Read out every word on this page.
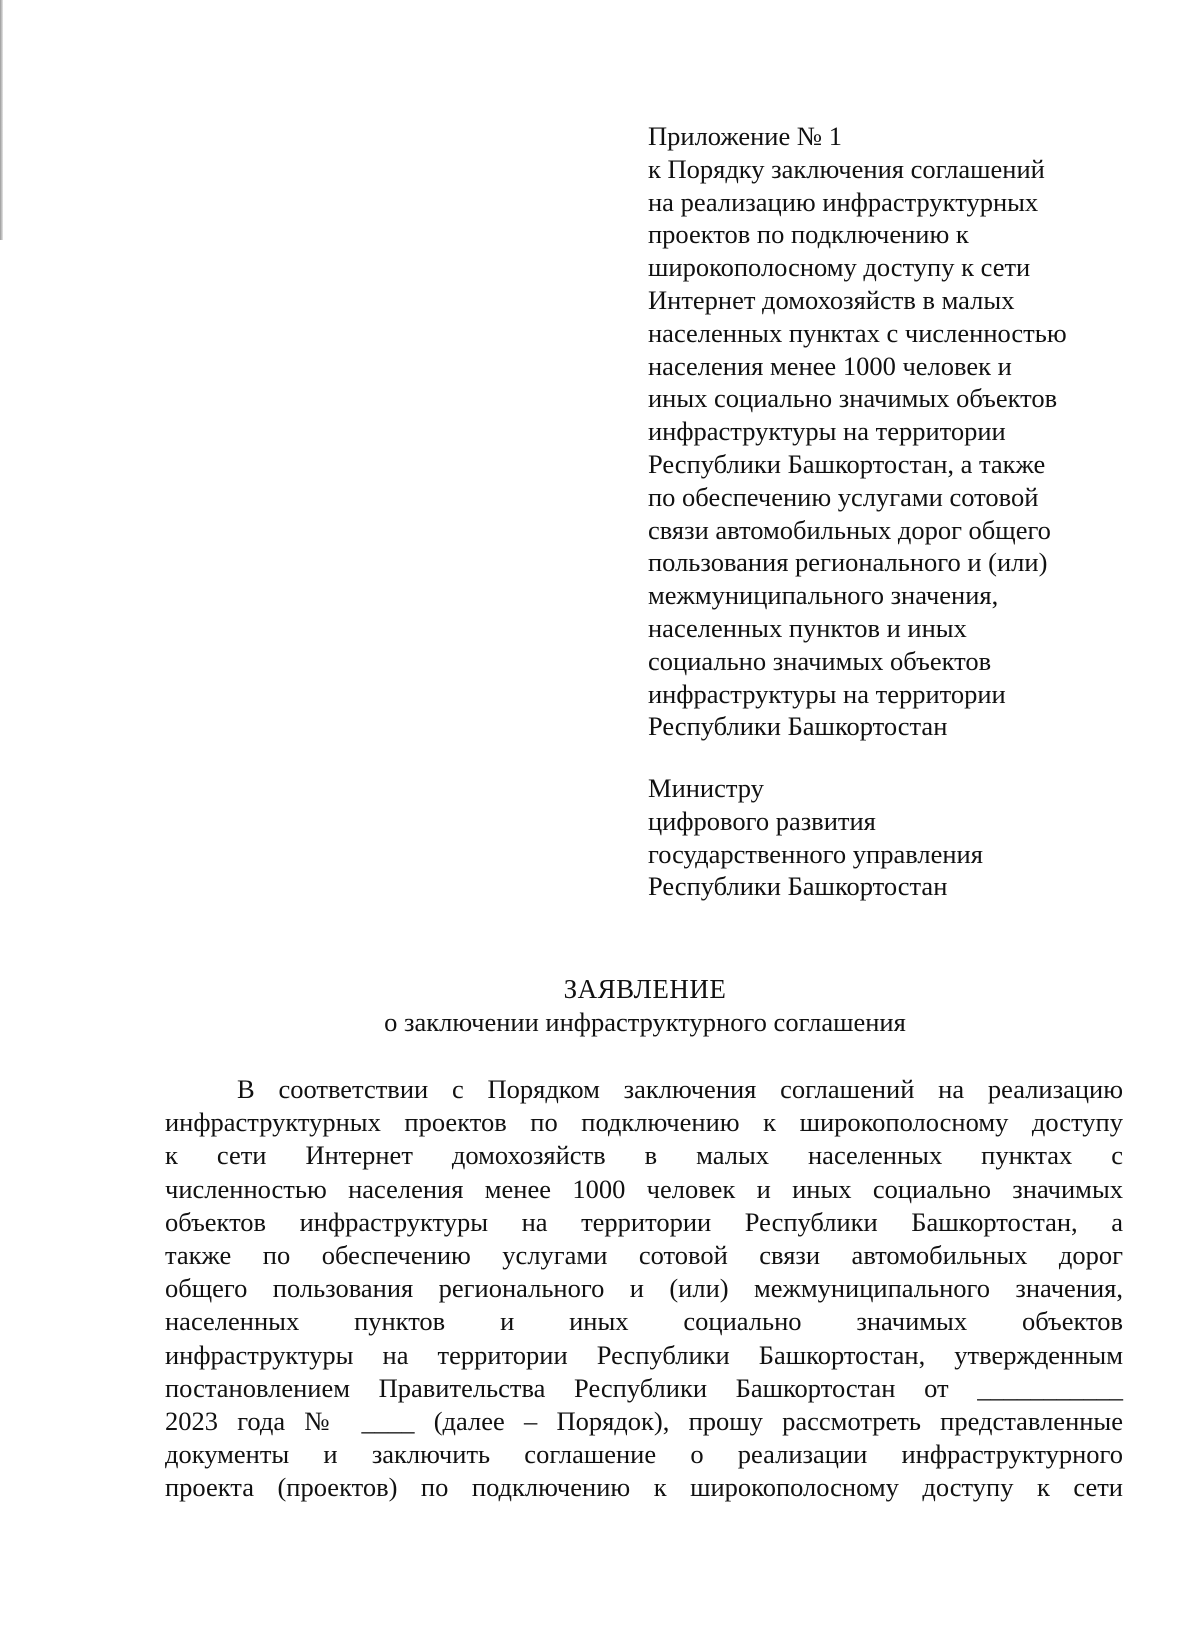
Приложение № 1
к Порядку заключения соглашений
на реализацию инфраструктурных
проектов по подключению к
широкополосному доступу к сети
Интернет домохозяйств в малых
населенных пунктах с численностью
населения менее 1000 человек и
иных социально значимых объектов
инфраструктуры на территории
Республики Башкортостан, а также
по обеспечению услугами сотовой
связи автомобильных дорог общего
пользования регионального и (или)
межмуниципального значения,
населенных пунктов и иных
социально значимых объектов
инфраструктуры на территории
Республики Башкортостан
Министру
цифрового развития
государственного управления
Республики Башкортостан
ЗАЯВЛЕНИЕ
о заключении инфраструктурного соглашения
В соответствии с Порядком заключения соглашений на реализацию
инфраструктурных проектов по подключению к широкополосному доступу
к сети Интернет домохозяйств в малых населенных пунктах с
численностью населения менее 1000 человек и иных социально значимых
объектов инфраструктуры на территории Республики Башкортостан, а
также по обеспечению услугами сотовой связи автомобильных дорог
общего пользования регионального и (или) межмуниципального значения,
населенных пунктов и иных социально значимых объектов
инфраструктуры на территории Республики Башкортостан, утвержденным
постановлением Правительства Республики Башкортостан от ___________
2023 года № ____ (далее – Порядок), прошу рассмотреть представленные
документы и заключить соглашение о реализации инфраструктурного
проекта (проектов) по подключению к широкополосному доступу к сети
